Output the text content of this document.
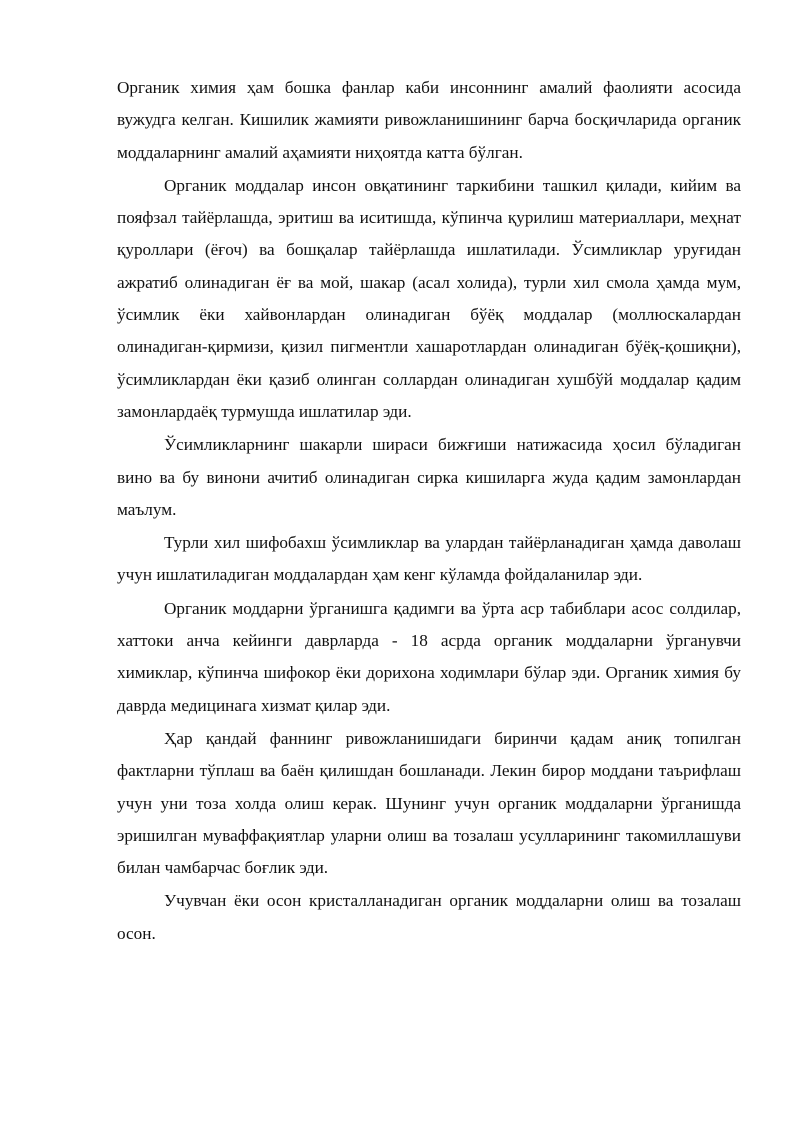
Органик химия ҳам бошка фанлар каби инсоннинг амалий фаолияти асосида вужудга келган. Кишилик жамияти ривожланишининг барча босқичларида органик моддаларнинг амалий аҳамияти ниҳоятда катта бўлган.

Органик моддалар инсон овқатининг таркибини ташкил қилади, кийим ва пояфзал тайёрлашда, эритиш ва иситишда, кўпинча қурилиш материаллари, меҳнат қуроллари (ёғоч) ва бошқалар тайёрлашда ишлатилади. Ўсимликлар уруғидан ажратиб олинадиган ёғ ва мой, шакар (асал холида), турли хил смола ҳамда мум, ўсимлик ёки хайвонлардан олинадиган бўёқ моддалар (моллюскалардан олинадиган-қирмизи, қизил пигментли хашаротлардан олинадиган бўёқ-қошиқни), ўсимликлардан ёки қазиб олинган соллардан олинадиган хушбўй моддалар қадим замонлардаёқ турмушда ишлатилар эди.

Ўсимликларнинг шакарли шираси бижғиши натижасида ҳосил бўладиган вино ва бу винони ачитиб олинадиган сирка кишиларга жуда қадим замонлардан маълум.

Турли хил шифобахш ўсимликлар ва улардан тайёрланадиган ҳамда даволаш учун ишлатиладиган моддалардан ҳам кенг кўламда фойдаланилар эди.

Органик моддарни ўрганишга қадимги ва ўрта аср табиблари асос солдилар, хаттоки анча кейинги даврларда - 18 асрда органик моддаларни ўрганувчи химиклар, кўпинча шифокор ёки дорихона ходимлари бўлар эди. Органик химия бу даврда медицинага хизмат қилар эди.

Ҳар қандай фаннинг ривожланишидаги биринчи қадам аниқ топилган фактларни тўплаш ва баён қилишдан бошланади. Лекин бирор моддани таърифлаш учун уни тоза холда олиш керак. Шунинг учун органик моддаларни ўрганишда эришилган муваффақиятлар уларни олиш ва тозалаш усулларининг такомиллашуви билан чамбарчас боғлик эди.

Учувчан ёки осон кристалланадиган органик моддаларни олиш ва тозалаш осон.
